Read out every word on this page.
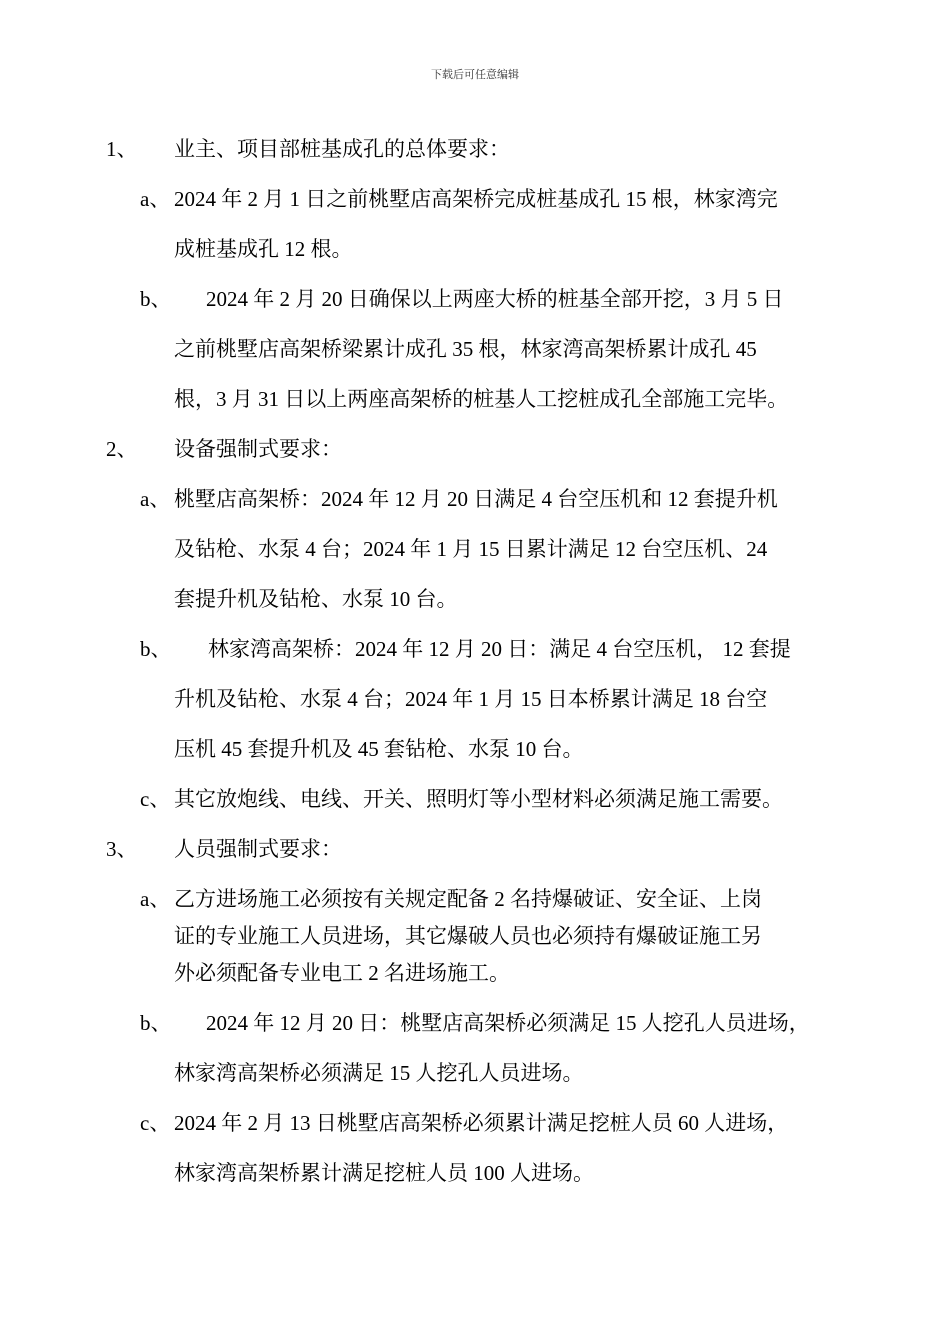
下载后可任意编辑
1、 业主、项目部桩基成孔的总体要求：
a、 2024 年 2 月 1 日之前桃墅店高架桥完成桩基成孔 15 根，林家湾完
成桩基成孔 12 根。
b、 2024 年 2 月 20 日确保以上两座大桥的桩基全部开挖，3 月 5 日
之前桃墅店高架桥梁累计成孔 35 根，林家湾高架桥累计成孔 45
根，3 月 31 日以上两座高架桥的桩基人工挖桩成孔全部施工完毕。
2、 设备强制式要求：
a、 桃墅店高架桥：2024 年 12 月 20 日满足 4 台空压机和 12 套提升机
及钻枪、水泵 4 台；2024 年 1 月 15 日累计满足 12 台空压机、24
套提升机及钻枪、水泵 10 台。
b、 林家湾高架桥：2024 年 12 月 20 日：满足 4 台空压机， 12 套提
升机及钻枪、水泵 4 台；2024 年 1 月 15 日本桥累计满足 18 台空
压机 45 套提升机及 45 套钻枪、水泵 10 台。
c、 其它放炮线、电线、开关、照明灯等小型材料必须满足施工需要。
3、 人员强制式要求：
a、 乙方进场施工必须按有关规定配备 2 名持爆破证、安全证、上岗
证的专业施工人员进场，其它爆破人员也必须持有爆破证施工另
外必须配备专业电工 2 名进场施工。
b、 2024 年 12 月 20 日：桃墅店高架桥必须满足 15 人挖孔人员进场，
林家湾高架桥必须满足 15 人挖孔人员进场。
c、 2024 年 2 月 13 日桃墅店高架桥必须累计满足挖桩人员 60 人进场，
林家湾高架桥累计满足挖桩人员 100 人进场。
